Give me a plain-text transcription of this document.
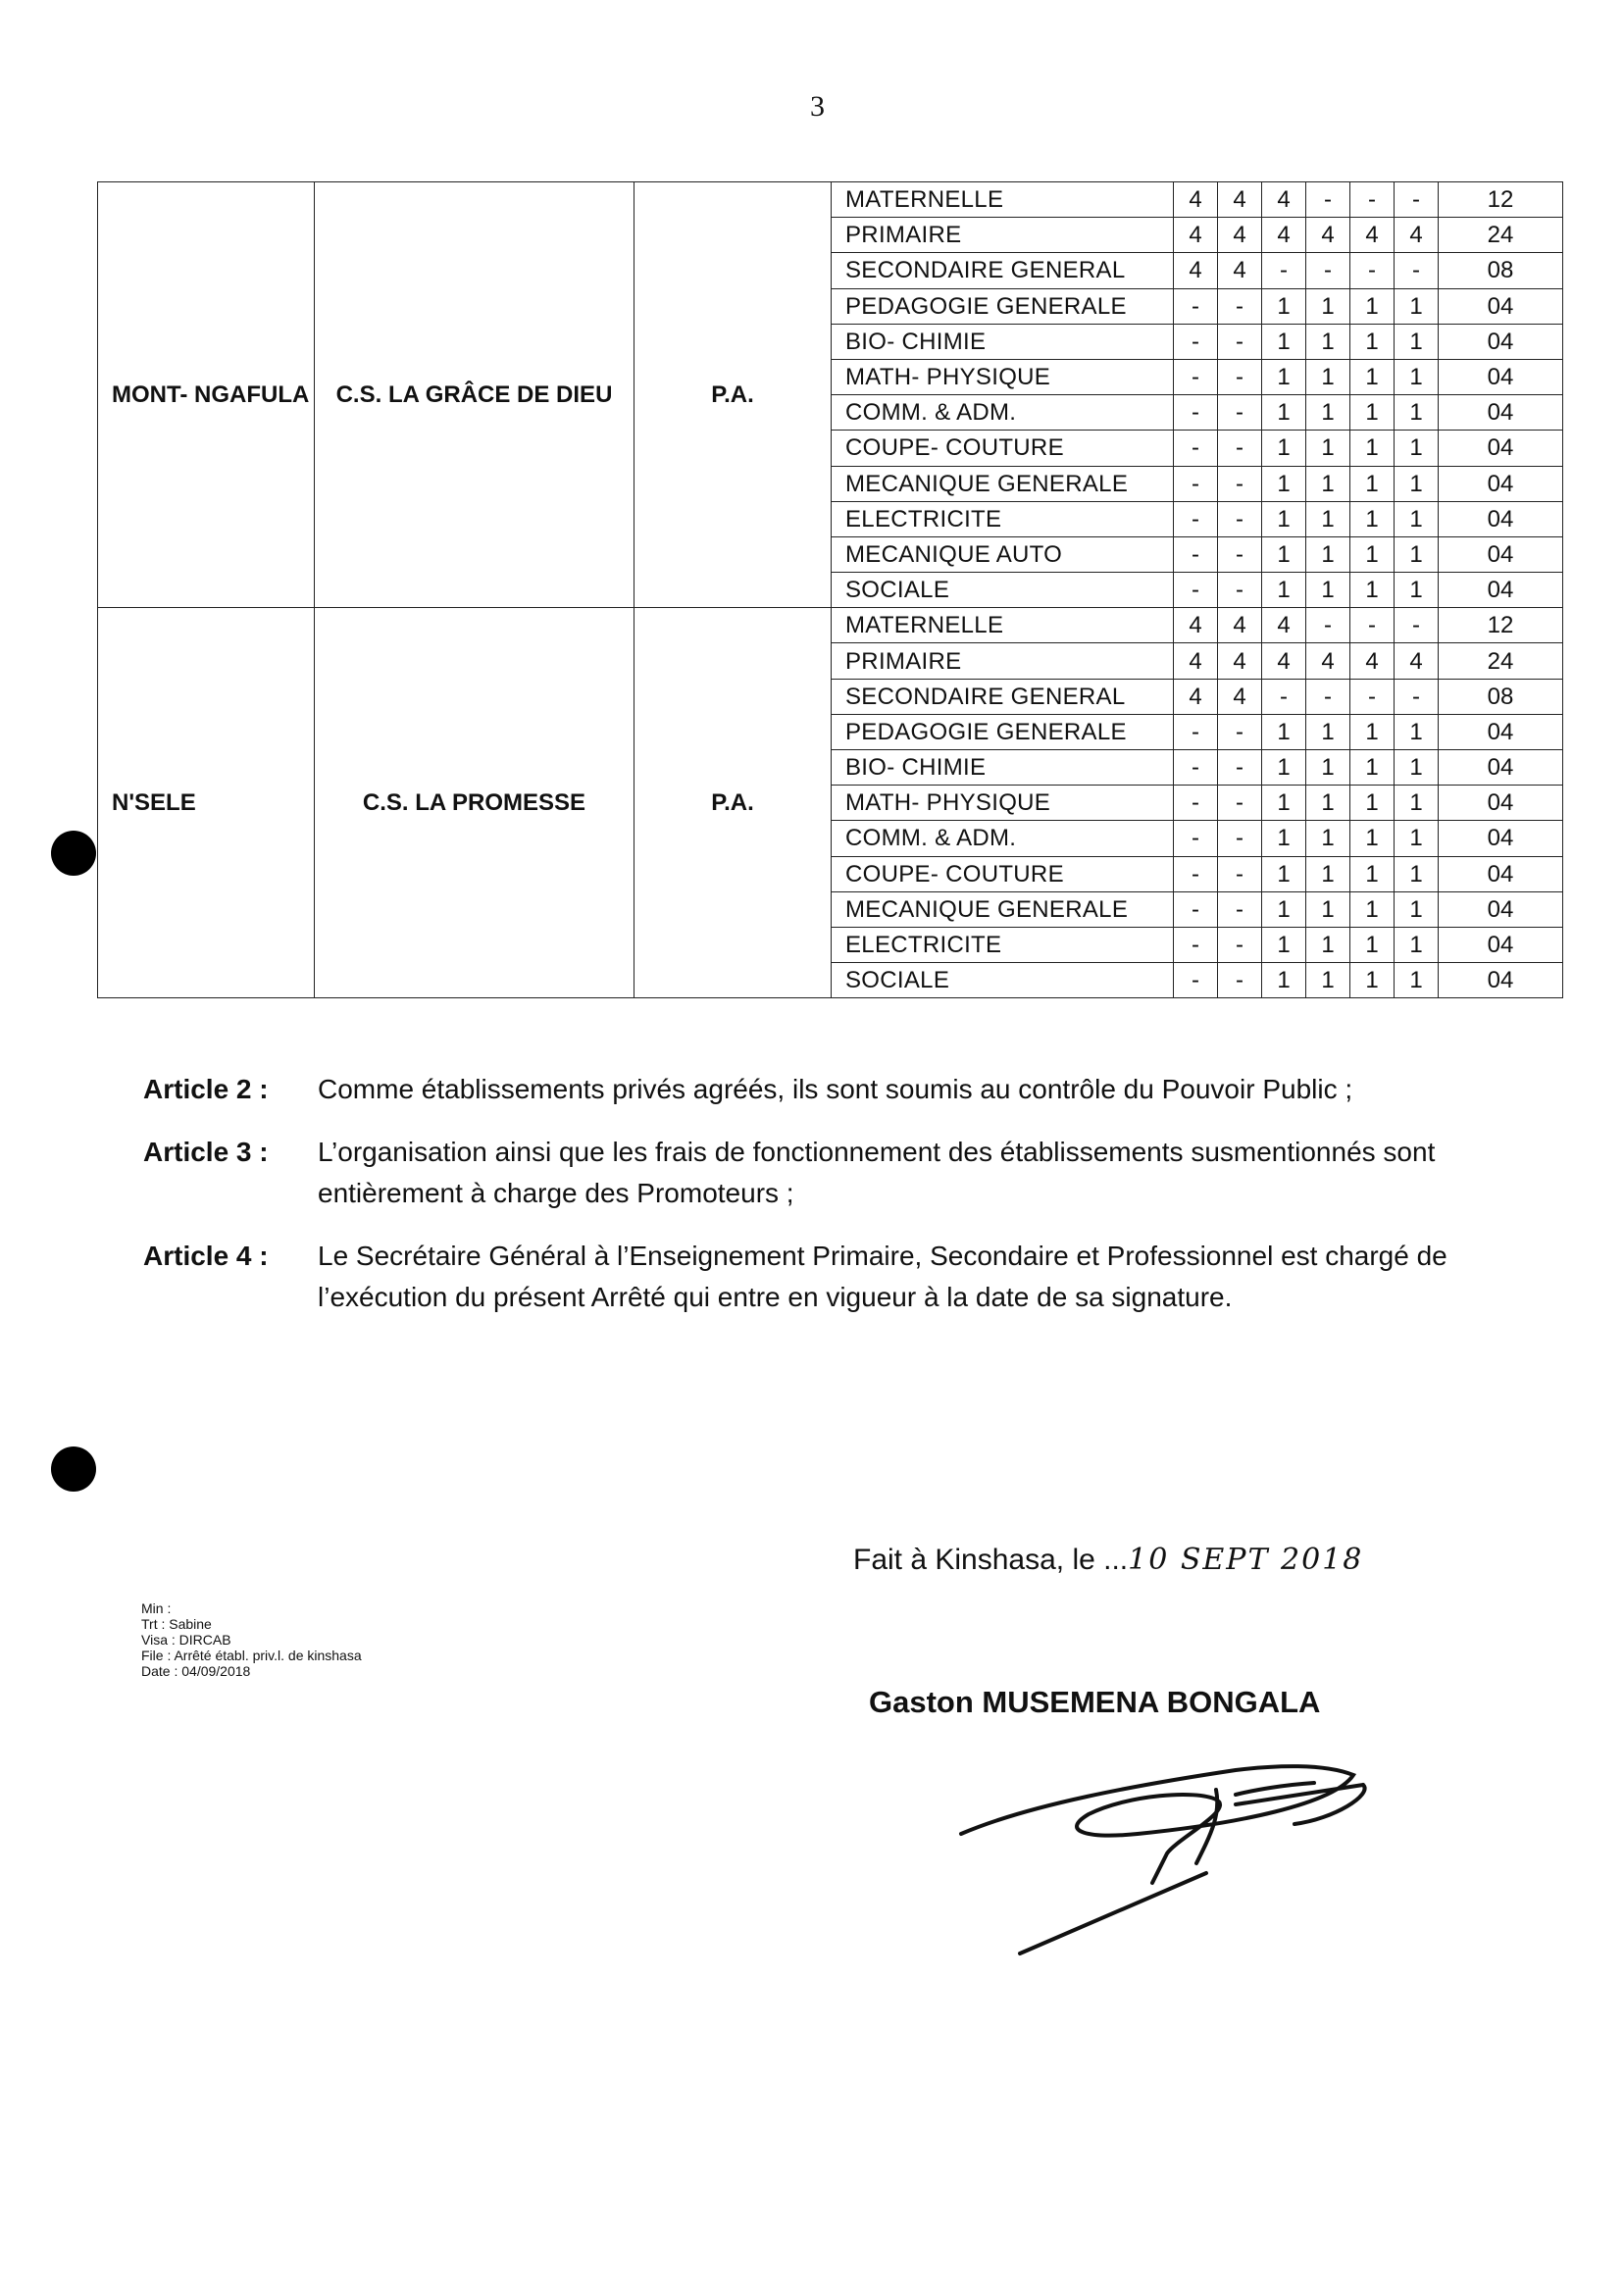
3
MONT- NGAFULA	C.S. LA GRÂCE DE DIEU	P.A.	MATERNELLE	4	4	4	-	-	-	12
			PRIMAIRE	4	4	4	4	4	4	24
			SECONDAIRE GENERAL	4	4	-	-	-	-	08
			PEDAGOGIE GENERALE	-	-	1	1	1	1	04
			BIO- CHIMIE	-	-	1	1	1	1	04
			MATH- PHYSIQUE	-	-	1	1	1	1	04
			COMM. & ADM.	-	-	1	1	1	1	04
			COUPE- COUTURE	-	-	1	1	1	1	04
			MECANIQUE GENERALE	-	-	1	1	1	1	04
			ELECTRICITE	-	-	1	1	1	1	04
			MECANIQUE AUTO	-	-	1	1	1	1	04
			SOCIALE	-	-	1	1	1	1	04
N'SELE	C.S. LA PROMESSE	P.A.	MATERNELLE	4	4	4	-	-	-	12
			PRIMAIRE	4	4	4	4	4	4	24
			SECONDAIRE GENERAL	4	4	-	-	-	-	08
			PEDAGOGIE GENERALE	-	-	1	1	1	1	04
			BIO- CHIMIE	-	-	1	1	1	1	04
			MATH- PHYSIQUE	-	-	1	1	1	1	04
			COMM. & ADM.	-	-	1	1	1	1	04
			COUPE- COUTURE	-	-	1	1	1	1	04
			MECANIQUE GENERALE	-	-	1	1	1	1	04
			ELECTRICITE	-	-	1	1	1	1	04
			SOCIALE	-	-	1	1	1	1	04
Article 2 :	Comme établissements privés agréés, ils sont soumis au contrôle du Pouvoir Public ;
Article 3 :	L’organisation ainsi que les frais de fonctionnement des établissements susmentionnés sont entièrement à charge des Promoteurs ;
Article 4 :	Le Secrétaire Général à l’Enseignement Primaire, Secondaire et Professionnel est chargé de l’exécution du présent Arrêté qui entre en vigueur à la date de sa signature.
Fait à Kinshasa, le ...10 SEPT 2018
Min :
Trt : Sabine
Visa : DIRCAB
File : Arrêté établ. priv.l. de kinshasa
Date : 04/09/2018
Gaston MUSEMENA BONGALA
